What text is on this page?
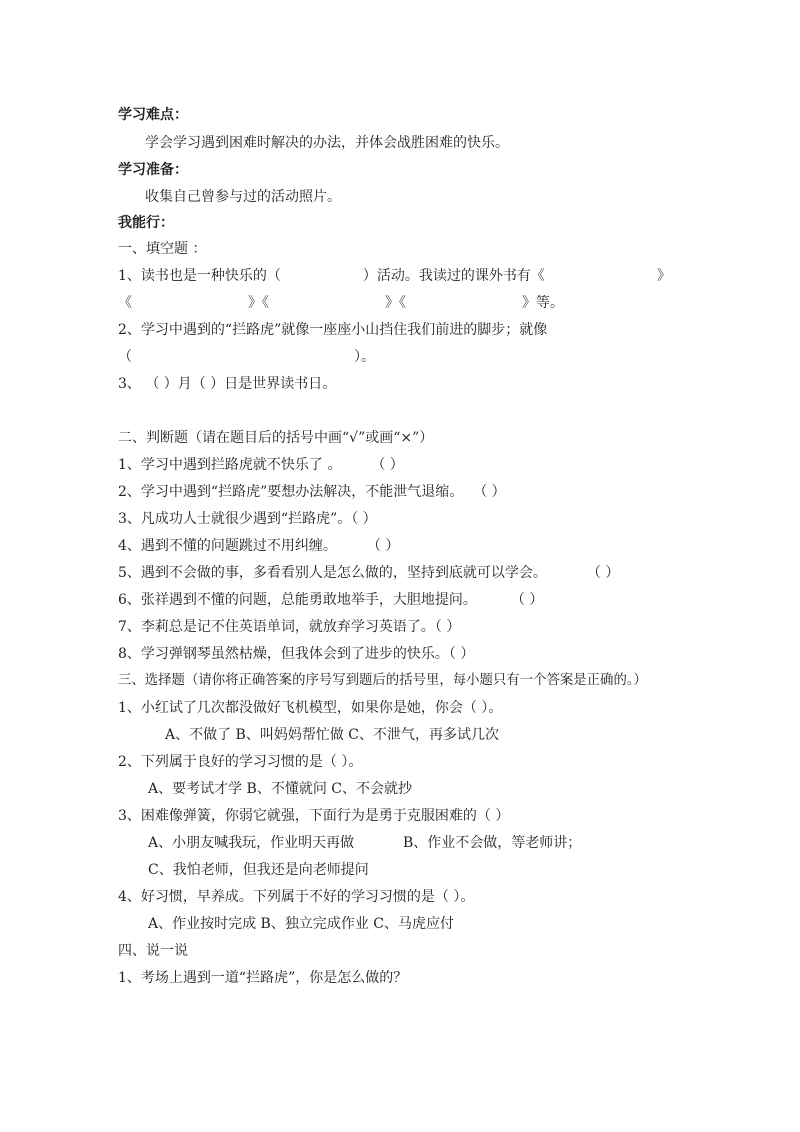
学习难点：
学会学习遇到困难时解决的办法，并体会战胜困难的快乐。
学习准备：
收集自己曾参与过的活动照片。
我能行：
一、填空题 ：
1、读书也是一种快乐的（	）活动。我读过的课外书有《	》
《	》《	》《	》等。
2、学习中遇到的“拦路虎”就像一座座小山挡住我们前进的脚步；就像
（	）。
3、 （ ）月（ ）日是世界读书日。
二、判断题（请在题目后的括号中画“√”或画“×”）
1、学习中遇到拦路虎就不快乐了 。 （ ）
2、学习中遇到“拦路虎”要想办法解决，不能泄气退缩。 （ ）
3、凡成功人士就很少遇到“拦路虎”。（ ）
4、遇到不懂的问题跳过不用纠缠。 （ ）
5、遇到不会做的事，多看看别人是怎么做的，坚持到底就可以学会。	（ ）
6、张祥遇到不懂的问题，总能勇敢地举手，大胆地提问。 （ ）
7、李莉总是记不住英语单词，就放弃学习英语了。（ ）
8、学习弹钢琴虽然枯燥，但我体会到了进步的快乐。（ ）
三、选择题（请你将正确答案的序号写到题后的括号里，每小题只有一个答案是正确的。）
1、小红试了几次都没做好飞机模型，如果你是她，你会（ ）。
A、不做了 B、叫妈妈帮忙做 C、不泄气，再多试几次
2、下列属于良好的学习习惯的是（ ）。
A、要考试才学 B、不懂就问 C、不会就抄
3、困难像弹簧，你弱它就强，下面行为是勇于克服困难的（ ）
A、小朋友喊我玩，作业明天再做	B、作业不会做，等老师讲；
C、我怕老师，但我还是向老师提问
4、好习惯，早养成。下列属于不好的学习习惯的是（ ）。
A、作业按时完成 B、独立完成作业 C、马虎应付
四、说一说
1、考场上遇到一道“拦路虎”，你是怎么做的？
